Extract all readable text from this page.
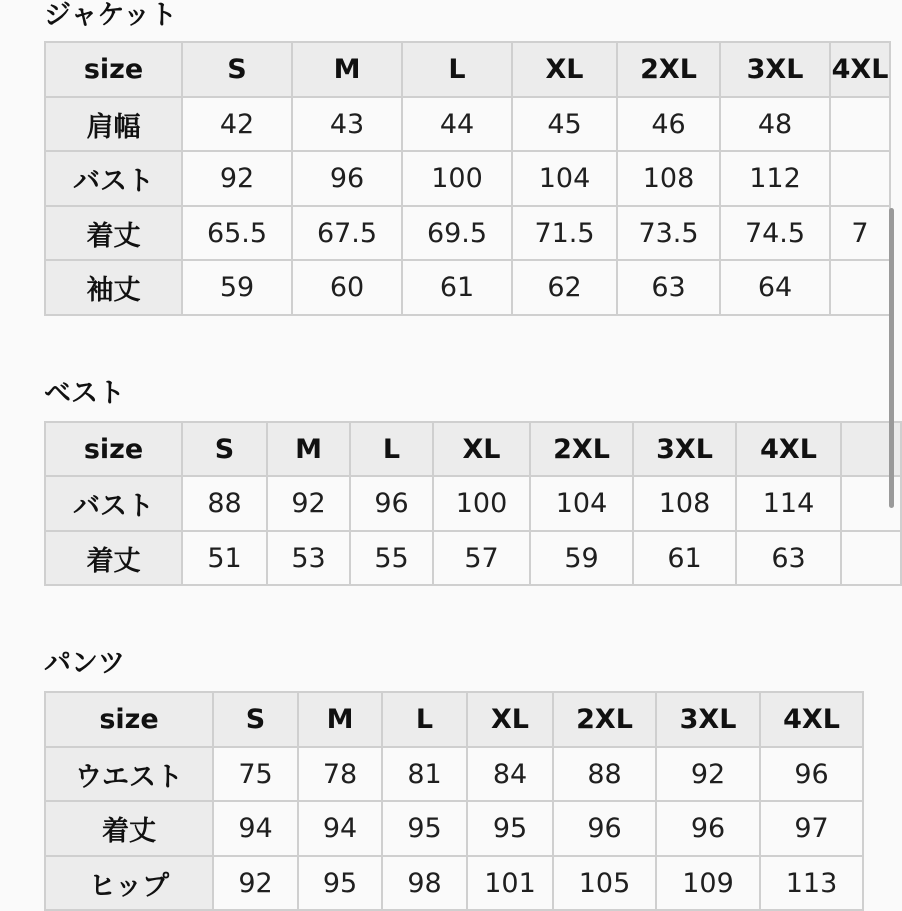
ジャケット
size	S	M	L	XL	2XL	3XL	4XL
肩幅	42	43	44	45	46	48	
バスト	92	96	100	104	108	112	
着丈	65.5	67.5	69.5	71.5	73.5	74.5	7
袖丈	59	60	61	62	63	64	
ベスト
size	S	M	L	XL	2XL	3XL	4XL	
バスト	88	92	96	100	104	108	114	
着丈	51	53	55	57	59	61	63	
パンツ
size	S	M	L	XL	2XL	3XL	4XL
ウエスト	75	78	81	84	88	92	96
着丈	94	94	95	95	96	96	97
ヒップ	92	95	98	101	105	109	113
